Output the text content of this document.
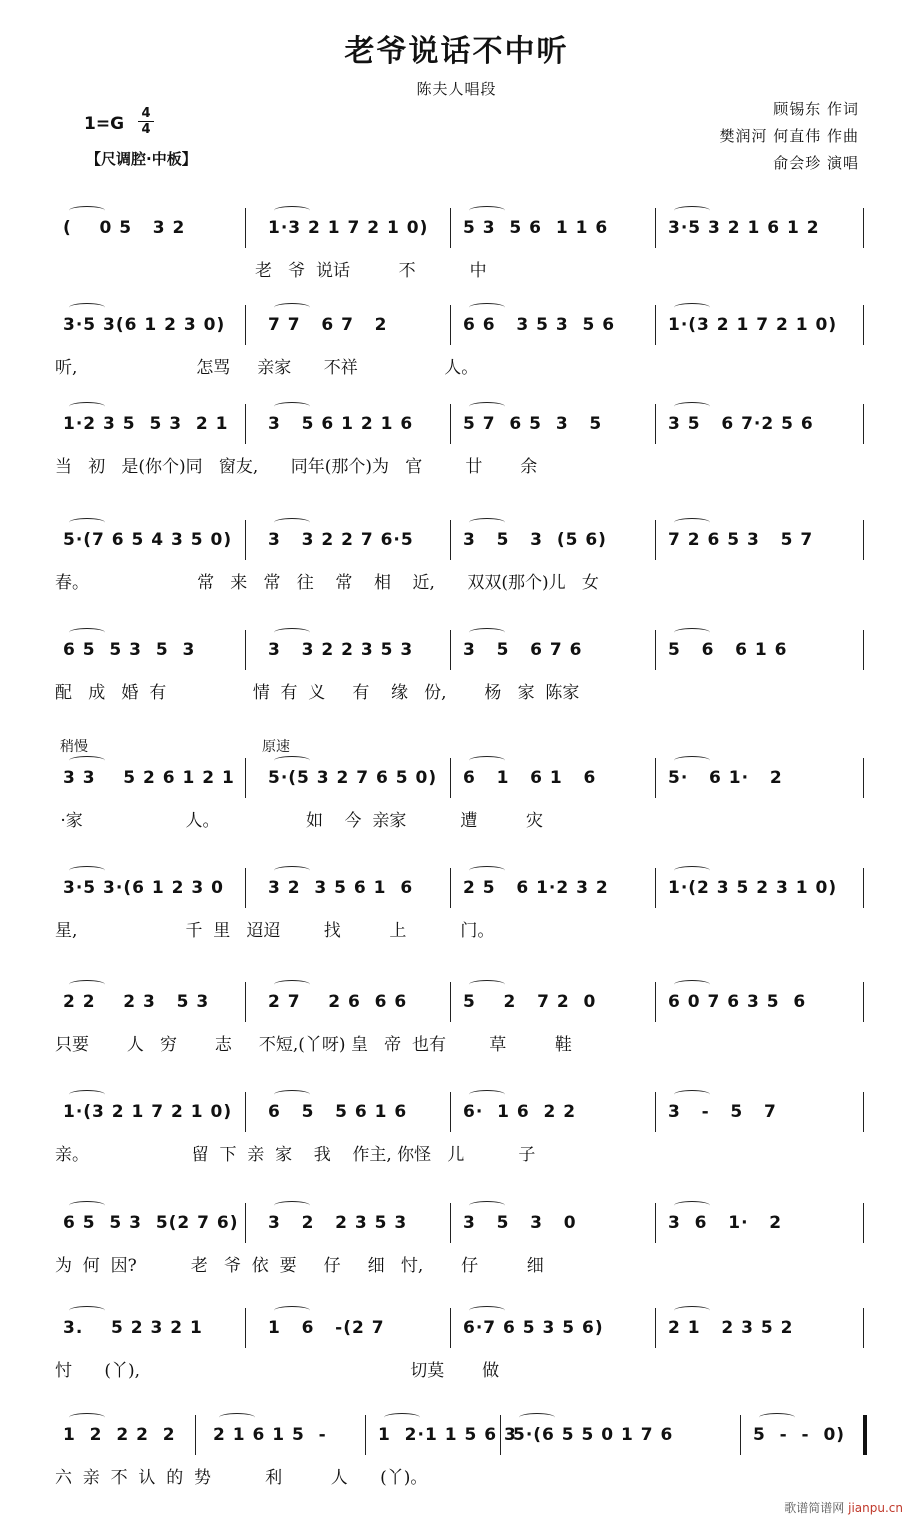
老爷说话不中听
陈夫人唱段
1=G
4
4
【尺调腔·中板】
顾锡东 作词
樊润河 何直伟 作曲
俞会珍 演唱
(    0 5   3 2	1·3 2 1 7 2 1 0) 5 3  5 6  1 1 6	3·5 3 2 1 6 1 2
老   爷  说话         不          中
3·5 3(6 1 2 3 0)	7 7   6 7   2	6 6   3 5 3  5 6	1·(3 2 1 7 2 1 0)
听,                      怎骂     亲家      不祥                人。
1·2 3 5  5 3  2 1 3   5 6 1 2 1 6	5 7  6 5  3   5	3 5   6 7·2 5 6
当   初   是(你个)同   窗友,      同年(那个)为   官        廿       余
5·(7 6 5 4 3 5 0) 3   3 2 2 7 6·5	3   5   3  (5 6)	7 2 6 5 3   5 7
春。                    常   来   常   往    常    相    近,      双双(那个)儿   女
6 5  5 3  5  3	3   3 2 2 3 5 3	3   5   6 7 6	5   6   6 1 6
配   成   婚  有                情  有  义     有    缘   份,       杨   家  陈家
3 3    5 2 6 1 2 1 5·(5 3 2 7 6 5 0) 6   1   6 1   6	5·   6 1·   2
稍慢	原速
·家                   人。                如    今  亲家          遭         灾
3·5 3·(6 1 2 3 0	3 2  3 5 6 1  6	2 5   6 1·2 3 2	1·(2 3 5 2 3 1 0)
星,                    千  里   迢迢        找         上          门。
2 2    2 3   5 3	2 7    2 6  6 6	5    2   7 2  0	6 0 7 6 3 5  6
只要       人   穷       志     不短,(丫呀) 皇   帝  也有        草         鞋
1·(3 2 1 7 2 1 0) 6   5   5 6 1 6	6·  1 6  2 2	3   -   5   7
亲。                   留  下  亲  家    我    作主, 你怪   儿          子
6 5  5 3  5(2 7 6) 3   2   2 3 5 3	3   5   3   0	3  6   1·   2
为  何  因?          老   爷  依  要     仔     细   忖,       仔         细
3.    5 2 3 2 1	1   6   -(2 7	6·7 6 5 3 5 6)	2 1   2 3 5 2
忖      (丫),                                                  切莫       做
1  2  2 2  2 2 1 6 1 5  -	1  2·1 1 5 6 3
5·(6 5 5 0 1 7 6	5  -  -  0)
六  亲  不  认  的  势          利         人      (丫)。
歌谱简谱网 jianpu.cn
